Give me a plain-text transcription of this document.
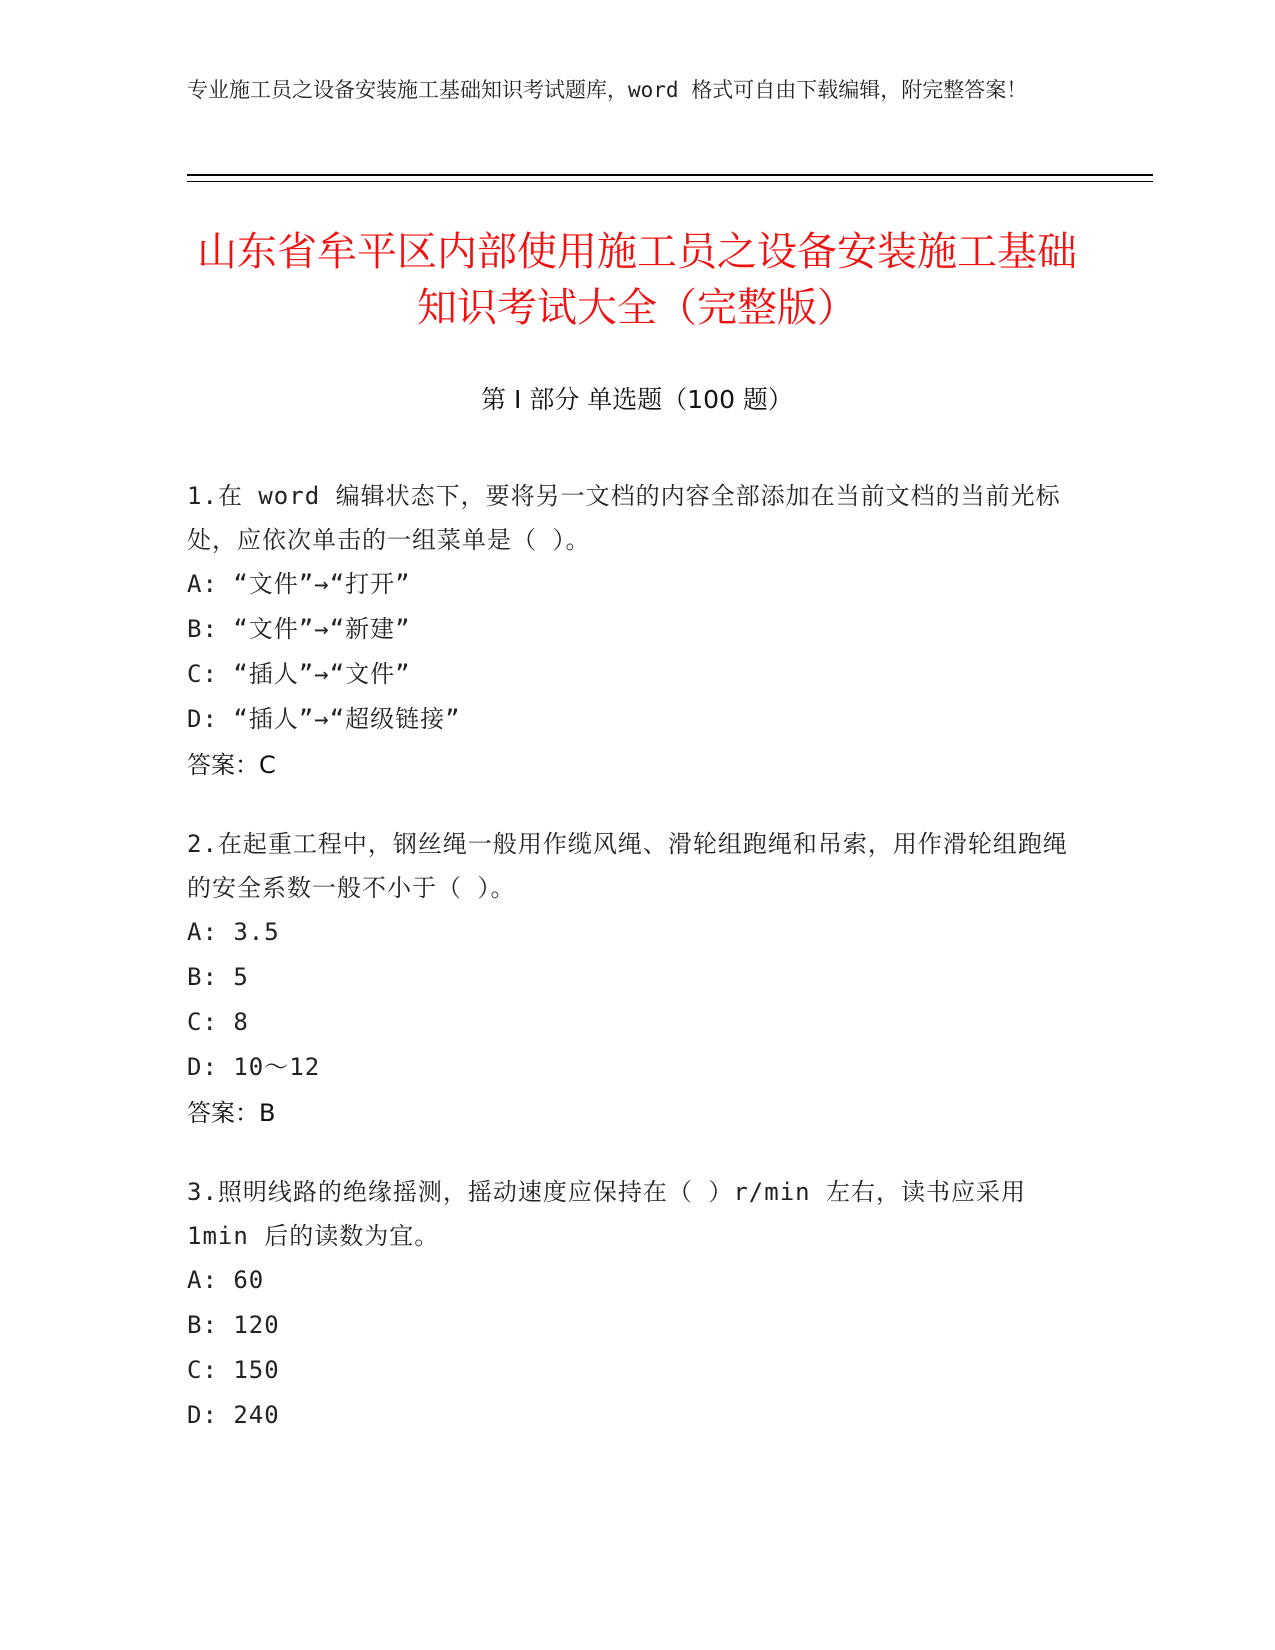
专业施工员之设备安装施工基础知识考试题库，word 格式可自由下载编辑，附完整答案！
山东省牟平区内部使用施工员之设备安装施工基础知识考试大全（完整版）
第 I 部分 单选题（100 题）
1.在 word 编辑状态下，要将另一文档的内容全部添加在当前文档的当前光标处，应依次单击的一组菜单是（ ）。
A: “文件”→“打开”
B: “文件”→“新建”
C: “插人”→“文件”
D: “插人”→“超级链接”
答案：C
2.在起重工程中，钢丝绳一般用作缆风绳、滑轮组跑绳和吊索，用作滑轮组跑绳的安全系数一般不小于（ ）。
A: 3.5
B: 5
C: 8
D: 10～12
答案：B
3.照明线路的绝缘摇测，摇动速度应保持在（ ）r/min 左右，读书应采用 1min 后的读数为宜。
A: 60
B: 120
C: 150
D: 240
